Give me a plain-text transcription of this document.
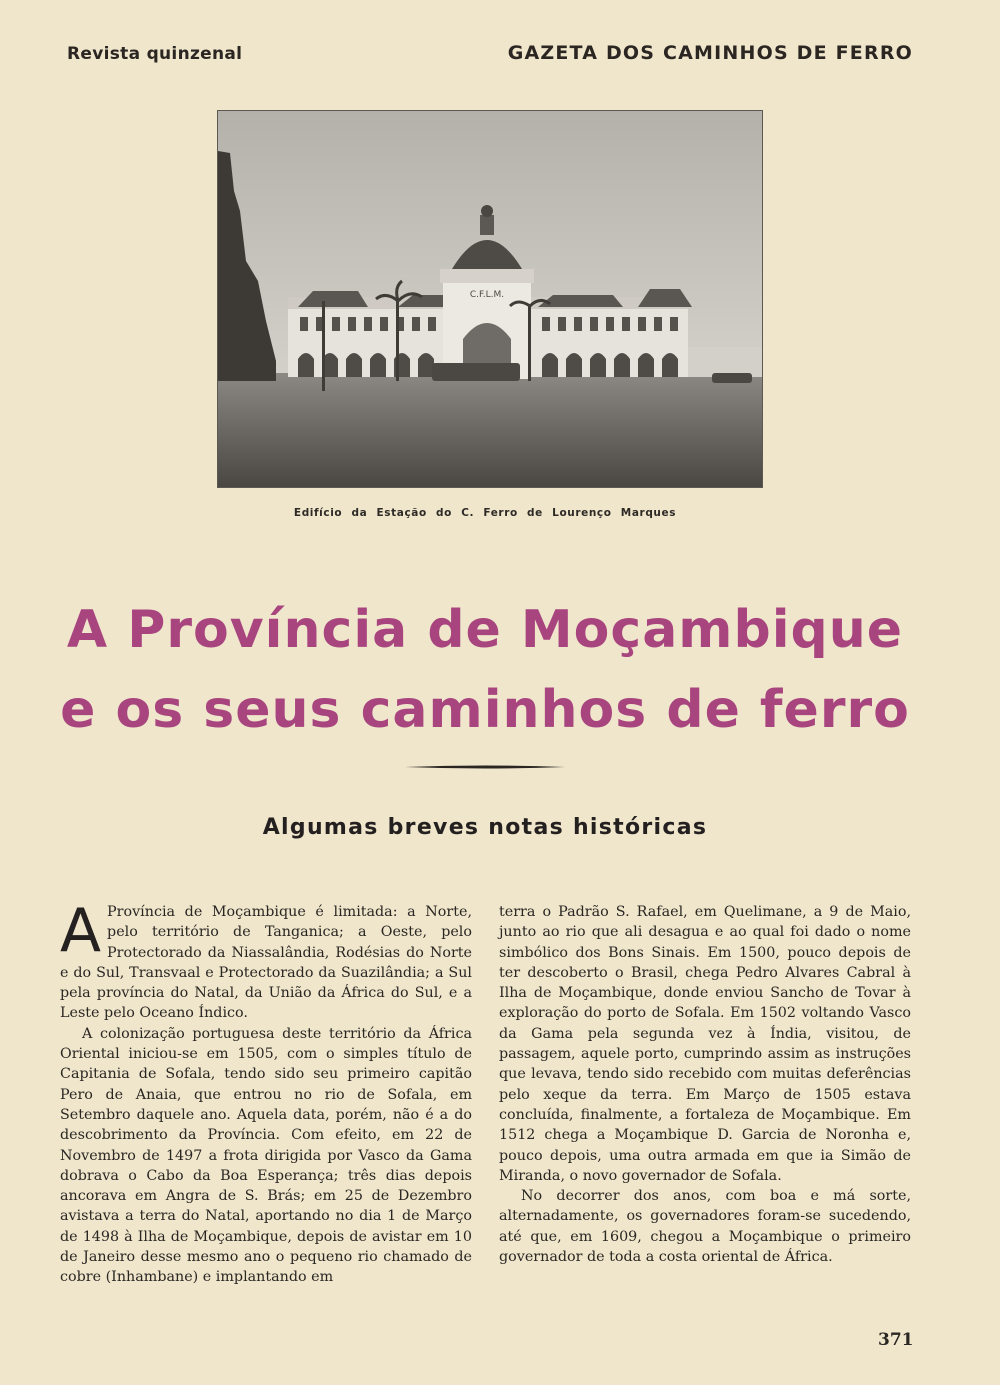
Revista quinzenal	GAZETA DOS CAMINHOS DE FERRO
C.F.L.M.
Edifício da Estação do C. Ferro de Lourenço Marques
A Província de Moçambique
e os seus caminhos de ferro
Algumas breves notas históricas

A Província de Moçambique é limitada: a Norte, pelo território de Tanganica; a Oeste, pelo Protectorado da Niassalândia, Rodésias do Norte e do Sul, Transvaal e Protectorado da Suazilândia; a Sul pela província do Natal, da União da África do Sul, e a Leste pelo Oceano Índico.

A colonização portuguesa deste território da África Oriental iniciou-se em 1505, com o simples título de Capitania de Sofala, tendo sido seu primeiro capitão Pero de Anaia, que entrou no rio de Sofala, em Setembro daquele ano. Aquela data, porém, não é a do descobrimento da Província. Com efeito, em 22 de Novembro de 1497 a frota dirigida por Vasco da Gama dobrava o Cabo da Boa Esperança; três dias depois ancorava em Angra de S. Brás; em 25 de Dezembro avistava a terra do Natal, aportando no dia 1 de Março de 1498 à Ilha de Moçambique, depois de avistar em 10 de Janeiro desse mesmo ano o pequeno rio chamado de cobre (Inhambane) e implantando em

terra o Padrão S. Rafael, em Quelimane, a 9 de Maio, junto ao rio que ali desagua e ao qual foi dado o nome simbólico dos Bons Sinais. Em 1500, pouco depois de ter descoberto o Brasil, chega Pedro Alvares Cabral à Ilha de Moçambique, donde enviou Sancho de Tovar à exploração do porto de Sofala. Em 1502 voltando Vasco da Gama pela segunda vez à Índia, visitou, de passagem, aquele porto, cumprindo assim as instruções que levava, tendo sido recebido com muitas deferências pelo xeque da terra. Em Março de 1505 estava concluída, finalmente, a fortaleza de Moçambique. Em 1512 chega a Moçambique D. Garcia de Noronha e, pouco depois, uma outra armada em que ia Simão de Miranda, o novo governador de Sofala.

No decorrer dos anos, com boa e má sorte, alternadamente, os governadores foram-se sucedendo, até que, em 1609, chegou a Moçambique o primeiro governador de toda a costa oriental de África.

371
